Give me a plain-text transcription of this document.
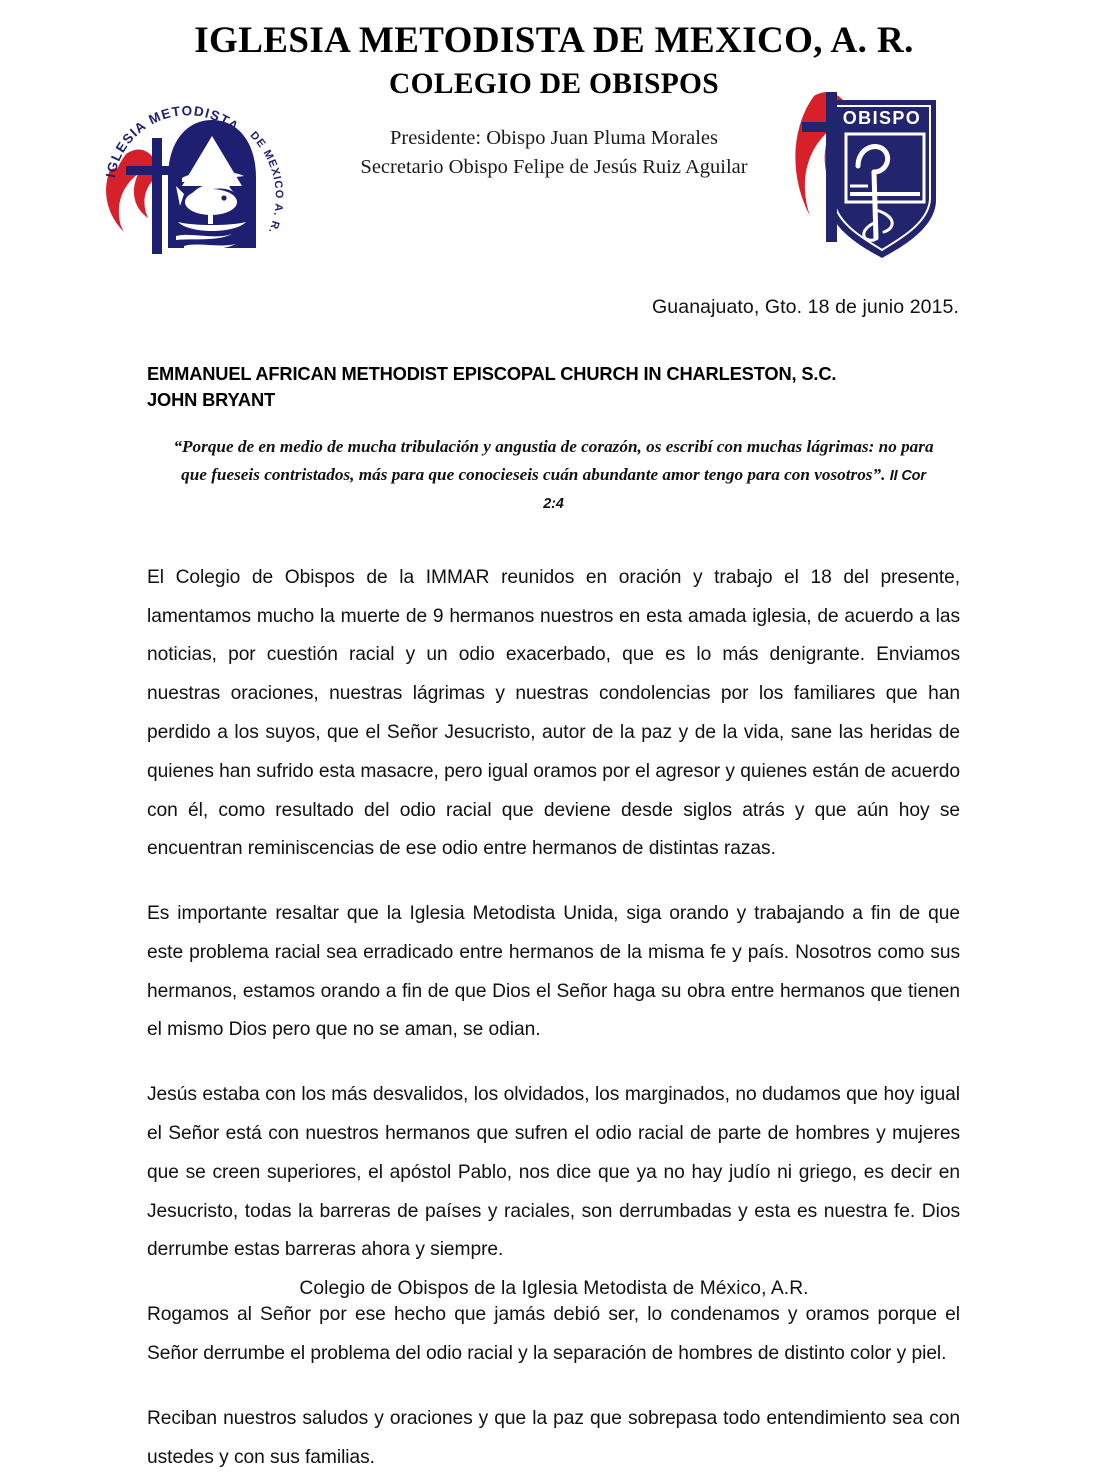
IGLESIA METODISTA
DE MEXICO A. R.
IGLESIA METODISTA DE MEXICO, A. R.
COLEGIO DE OBISPOS
Presidente: Obispo Juan Pluma Morales
Secretario Obispo Felipe de Jesús Ruiz Aguilar
OBISPO
Guanajuato, Gto. 18 de junio 2015.
EMMANUEL AFRICAN METHODIST EPISCOPAL CHURCH IN CHARLESTON, S.C.
JOHN BRYANT
“Porque de en medio de mucha tribulación y angustia de corazón, os escribí con muchas lágrimas: no para que fueseis contristados, más para que conocieseis cuán abundante amor tengo para con vosotros”. II Cor 2:4

El Colegio de Obispos de la IMMAR reunidos en oración y trabajo el 18 del presente, lamentamos mucho la muerte de 9 hermanos nuestros en esta amada iglesia, de acuerdo a las noticias, por cuestión racial y un odio exacerbado, que es lo más denigrante. Enviamos nuestras oraciones, nuestras lágrimas y nuestras condolencias por los familiares que han perdido a los suyos, que el Señor Jesucristo, autor de la paz y de la vida, sane las heridas de quienes han sufrido esta masacre, pero igual oramos por el agresor y quienes están de acuerdo con él, como resultado del odio racial que deviene desde siglos atrás y que aún hoy se encuentran reminiscencias de ese odio entre hermanos de distintas razas.

Es importante resaltar que la Iglesia Metodista Unida, siga orando y trabajando a fin de que este problema racial sea erradicado entre hermanos de la misma fe y país. Nosotros como sus hermanos, estamos orando a fin de que Dios el Señor haga su obra entre hermanos que tienen el mismo Dios pero que no se aman, se odian.

Jesús estaba con los más desvalidos, los olvidados, los marginados, no dudamos que hoy igual el Señor está con nuestros hermanos que sufren el odio racial de parte de hombres y mujeres que se creen superiores, el apóstol Pablo, nos dice que ya no hay judío ni griego, es decir en Jesucristo, todas la barreras de países y raciales, son derrumbadas y esta es nuestra fe. Dios derrumbe estas barreras ahora y siempre.

Rogamos al Señor por ese hecho que jamás debió ser, lo condenamos y oramos porque el Señor derrumbe el problema del odio racial y la separación de hombres de distinto color y piel.

Reciban nuestros saludos y oraciones y que la paz que sobrepasa todo entendimiento sea con ustedes y con sus familias.

Colegio de Obispos de la Iglesia Metodista de México, A.R.
